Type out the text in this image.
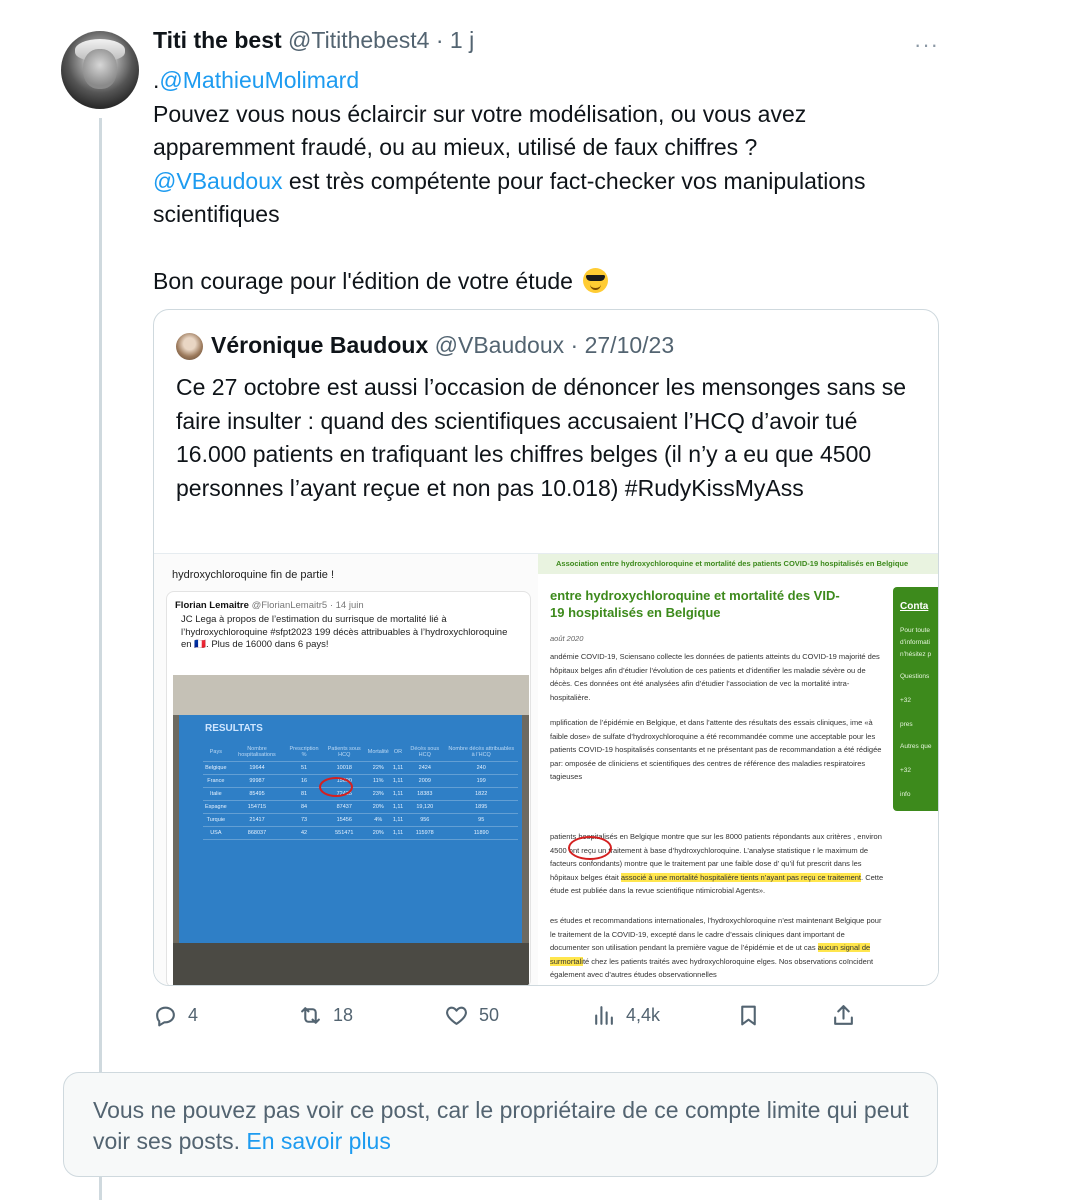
Titi the best @Titithebest4 · 1 j	···

.@MathieuMolimard

Pouvez vous nous éclaircir sur votre modélisation, ou vous avez apparemment fraudé, ou au mieux, utilisé de faux chiffres ?

@VBaudoux est très compétente pour fact-checker vos manipulations scientifiques

Bon courage pour l'édition de votre étude

Véronique Baudoux @VBaudoux · 27/10/23
Ce 27 octobre est aussi l’occasion de dénoncer les mensonges sans se faire insulter : quand des scientifiques accusaient l’HCQ d’avoir tué 16.000 patients en trafiquant les chiffres belges (il n’y a eu que 4500 personnes l’ayant reçue et non pas 10.018) #RudyKissMyAss
hydroxychloroquine fin de partie !
Florian Lemaitre @FlorianLemaitr5 · 14 juin
JC Lega à propos de l’estimation du surrisque de mortalité lié à l’hydroxychloroquine #sfpt2023 199 décès attribuables à l’hydroxychloroquine en 🇫🇷. Plus de 16000 dans 6 pays!
RESULTATS
Pays	Nombre hospitalisations	Prescription %	Patients sous HCQ	Mortalité	OR	Décès sous HCQ	Nombre décès attribuables à l’HCQ
Belgique	19644	51	10018	22%	1,11	2424	240
France	99987	16	15600	11%	1,11	2009	199
Italie	85495	81	72435	23%	1,11	18383	1822
Espagne	154715	84	87437	20%	1,11	19,120	1895
Turquie	21417	73	15456	4%	1,11	956	95
USA	868037	42	551471	20%	1,11	115978	11890
Association entre hydroxychloroquine et mortalité des patients COVID-19 hospitalisés en Belgique
entre hydroxychloroquine et mortalité des VID-19 hospitalisés en Belgique
août 2020
andémie COVID-19, Sciensano collecte les données de patients atteints du COVID-19 majorité des hôpitaux belges afin d’étudier l’évolution de ces patients et d’identifier les maladie sévère ou de décès. Ces données ont été analysées afin d’étudier l’association de vec la mortalité intra-hospitalière.
mplification de l’épidémie en Belgique, et dans l’attente des résultats des essais cliniques, ime «à faible dose» de sulfate d’hydroxychloroquine a été recommandée comme une acceptable pour les patients COVID-19 hospitalisés consentants et ne présentant pas de recommandation a été rédigée par: omposée de cliniciens et scientifiques des centres de référence des maladies respiratoires tagieuses
patients hospitalisés en Belgique montre que sur les 8000 patients répondants aux critères , environ 4500 ont reçu un traitement à base d’hydroxychloroquine. L’analyse statistique r le maximum de facteurs confondants) montre que le traitement par une faible dose d’ qu’il fut prescrit dans les hôpitaux belges était associé à une mortalité hospitalière tients n’ayant pas reçu ce traitement. Cette étude est publiée dans la revue scientifique ntimicrobial Agents».
es études et recommandations internationales, l’hydroxychloroquine n’est maintenant Belgique pour le traitement de la COVID-19, excepté dans le cadre d’essais cliniques dant important de documenter son utilisation pendant la première vague de l’épidémie et de ut cas aucun signal de surmortalité chez les patients traités avec hydroxychloroquine elges. Nos observations coïncident également avec d’autres études observationnelles
Conta
Pour toute
d’informati
n’hésitez p
Questions
+32
pres
Autres que
+32
info
4	18	50	4,4k

Vous ne pouvez pas voir ce post, car le propriétaire de ce compte limite qui peut voir ses posts. En savoir plus
